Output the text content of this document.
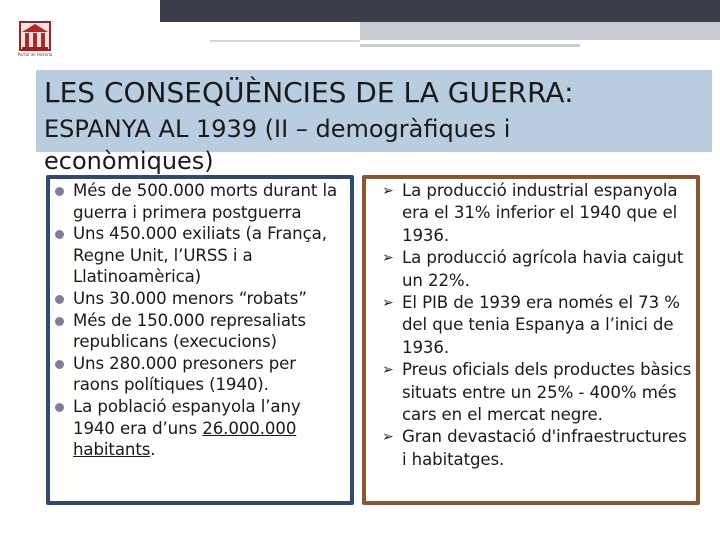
Portal de Historia
LES CONSEQÜÈNCIES DE LA GUERRA:
ESPANYA AL 1939 (II – demogràfiques i
econòmiques)
Més de 500.000 morts durant la guerra i primera postguerra
Uns 450.000 exiliats (a França, Regne Unit, l’URSS i a Llatinoamèrica)
Uns 30.000 menors “robats”
Més de 150.000 represaliats republicans (execucions)
Uns 280.000 presoners per raons polítiques (1940).
La població espanyola l’any 1940 era d’uns 26.000.000 habitants.
➢ La producció industrial espanyola era el 31% inferior el 1940 que el 1936.
➢ La producció agrícola havia caigut un 22%.
➢ El PIB de 1939 era només el 73 % del que tenia Espanya a l’inici de 1936.
➢ Preus oficials dels productes bàsics situats entre un 25% - 400% més cars en el mercat negre.
➢ Gran devastació d'infraestructures i habitatges.
